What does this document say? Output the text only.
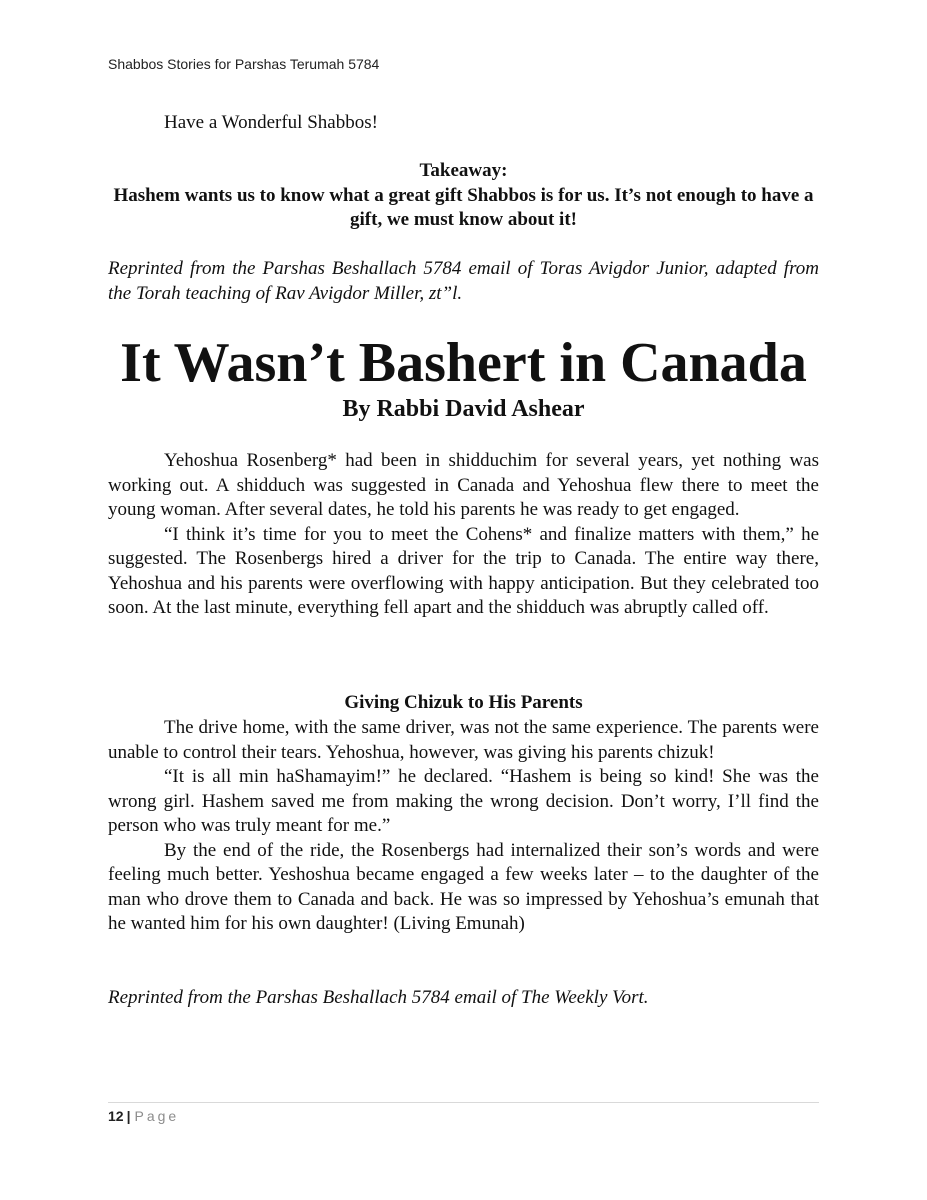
Shabbos Stories for Parshas Terumah 5784
Have a Wonderful Shabbos!

Takeaway:

Hashem wants us to know what a great gift Shabbos is for us. It’s not enough to have a gift, we must know about it!

Reprinted from the Parshas Beshallach 5784 email of Toras Avigdor Junior, adapted from the Torah teaching of Rav Avigdor Miller, zt”l.

It Wasn’t Bashert in Canada
By Rabbi David Ashear

Yehoshua Rosenberg* had been in shidduchim for several years, yet nothing was working out. A shidduch was suggested in Canada and Yehoshua flew there to meet the young woman. After several dates, he told his parents he was ready to get engaged.

“I think it’s time for you to meet the Cohens* and finalize matters with them,” he suggested. The Rosenbergs hired a driver for the trip to Canada. The entire way there, Yehoshua and his parents were overflowing with happy anticipation. But they celebrated too soon. At the last minute, everything fell apart and the shidduch was abruptly called off.

Giving Chizuk to His Parents

The drive home, with the same driver, was not the same experience. The parents were unable to control their tears. Yehoshua, however, was giving his parents chizuk!

“It is all min haShamayim!” he declared. “Hashem is being so kind! She was the wrong girl. Hashem saved me from making the wrong decision. Don’t worry, I’ll find the person who was truly meant for me.”

By the end of the ride, the Rosenbergs had internalized their son’s words and were feeling much better. Yeshoshua became engaged a few weeks later – to the daughter of the man who drove them to Canada and back. He was so impressed by Yehoshua’s emunah that he wanted him for his own daughter! (Living Emunah)

Reprinted from the Parshas Beshallach 5784 email of The Weekly Vort.

12 | Page
